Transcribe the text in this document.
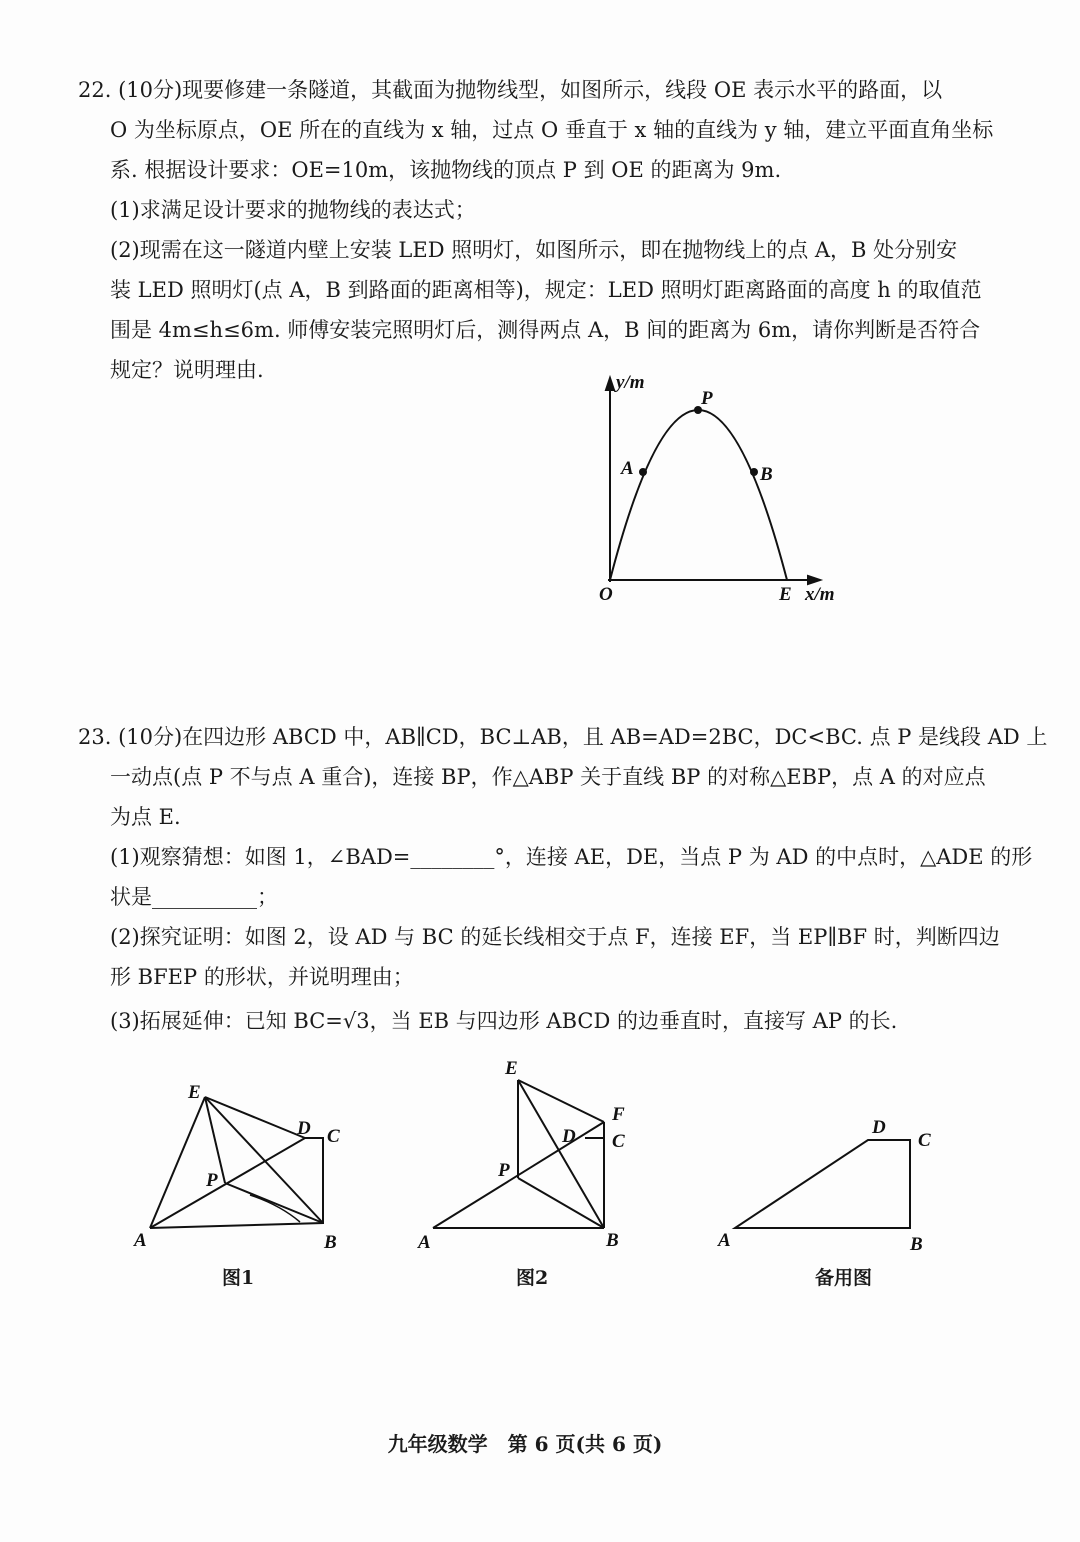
22. (10分)现要修建一条隧道，其截面为抛物线型，如图所示，线段 OE 表示水平的路面，以
O 为坐标原点，OE 所在的直线为 x 轴，过点 O 垂直于 x 轴的直线为 y 轴，建立平面直角坐标
系. 根据设计要求：OE=10m，该抛物线的顶点 P 到 OE 的距离为 9m.
(1)求满足设计要求的抛物线的表达式；
(2)现需在这一隧道内壁上安装 LED 照明灯，如图所示，即在抛物线上的点 A，B 处分别安
装 LED 照明灯(点 A，B 到路面的距离相等)，规定：LED 照明灯距离路面的高度 h 的取值范
围是 4m≤h≤6m. 师傅安装完照明灯后，测得两点 A，B 间的距离为 6m，请你判断是否符合
规定？说明理由.
23. (10分)在四边形 ABCD 中，AB∥CD，BC⊥AB，且 AB=AD=2BC，DC<BC. 点 P 是线段 AD 上
一动点(点 P 不与点 A 重合)，连接 BP，作△ABP 关于直线 BP 的对称△EBP，点 A 的对应点
为点 E.
(1)观察猜想：如图 1，∠BAD=________°，连接 AE，DE，当点 P 为 AD 的中点时，△ADE 的形
状是__________；
(2)探究证明：如图 2，设 AD 与 BC 的延长线相交于点 F，连接 EF，当 EP∥BF 时，判断四边
形 BFEP 的形状，并说明理由；
(3)拓展延伸：已知 BC=√3，当 EB 与四边形 ABCD 的边垂直时，直接写 AP 的长.
y/m
P
A	B
O	E x/m
E
D C
P
A	B
E
F
C
D
P
A	B
D
C
A	B
图1	图2	备用图
九年级数学　第 6 页(共 6 页)
